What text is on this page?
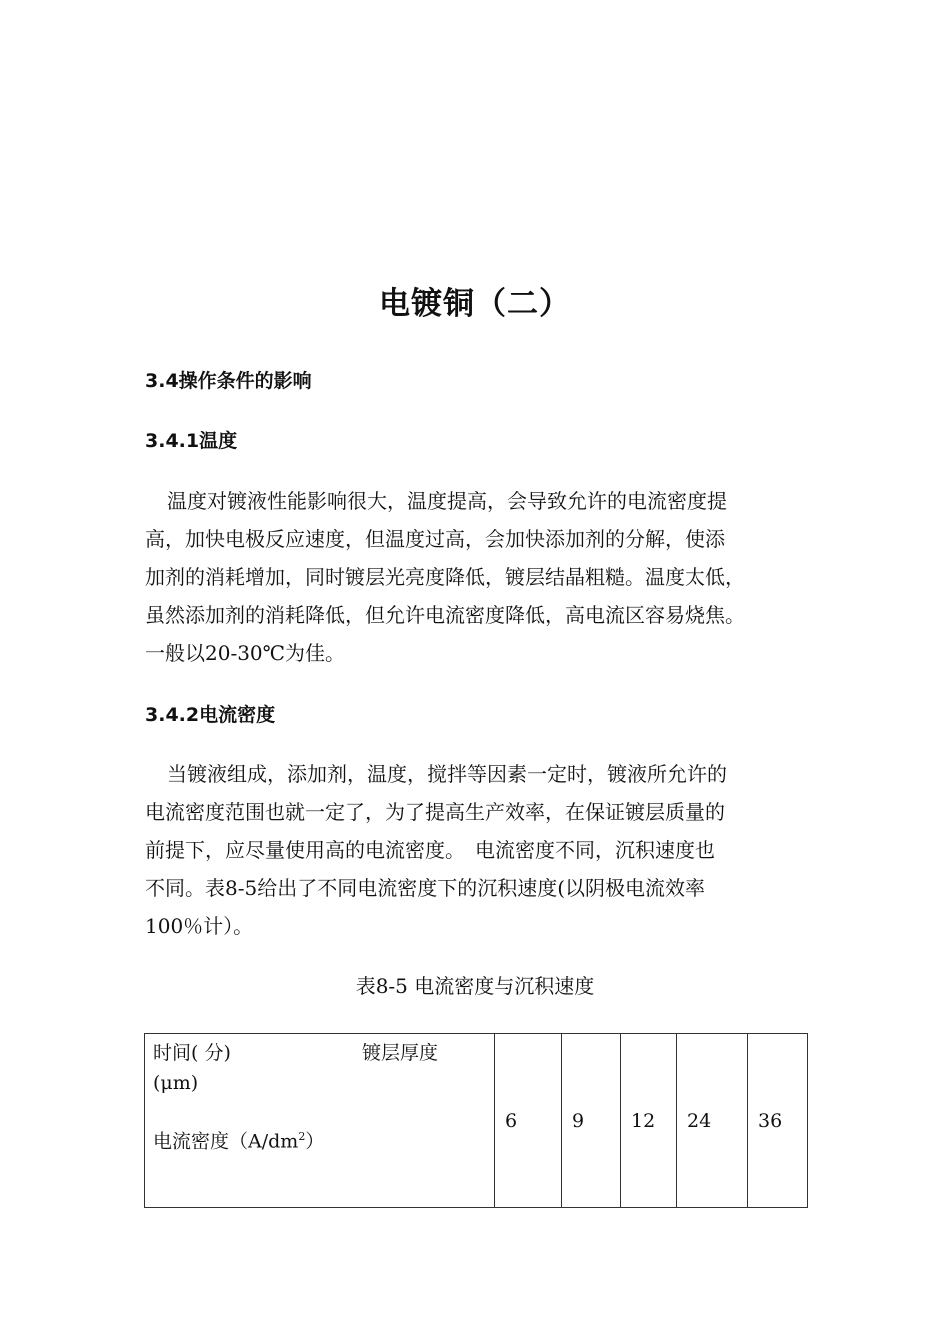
电镀铜（二）
3.4操作条件的影响
3.4.1温度
温度对镀液性能影响很大，温度提高，会导致允许的电流密度提
高，加快电极反应速度，但温度过高，会加快添加剂的分解，使添
加剂的消耗增加，同时镀层光亮度降低，镀层结晶粗糙。温度太低，
虽然添加剂的消耗降低，但允许电流密度降低，高电流区容易烧焦。
一般以20-30℃为佳。
3.4.2电流密度
当镀液组成，添加剂，温度，搅拌等因素一定时，镀液所允许的
电流密度范围也就一定了，为了提高生产效率，在保证镀层质量的
前提下，应尽量使用高的电流密度。　电流密度不同，沉积速度也
不同。表8-5给出了不同电流密度下的沉积速度(以阴极电流效率
100％计）。
表8-5 电流密度与沉积速度
时间( 分)	镀层厚度
(μm)
电流密度$(A/dm^2)$
	6	9	12	24	36
